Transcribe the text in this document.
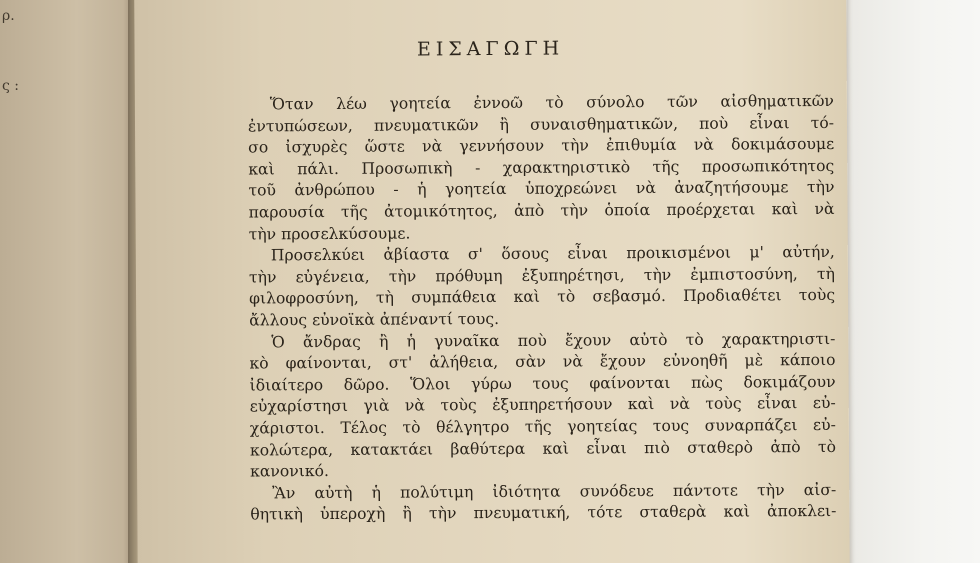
ρ.
ς :
ΕΙΣΑΓΩΓΗ
Ὅταν λέω γοητεία ἐννοῶ τὸ σύνολο τῶν αἰσθηματικῶν
ἐντυπώσεων, πνευματικῶν ἢ συναισθηματικῶν, ποὺ εἶναι τό-
σο ἰσχυρὲς ὥστε νὰ γεννήσουν τὴν ἐπιθυμία νὰ δοκιμάσουμε
καὶ πάλι. Προσωπικὴ - χαρακτηριστικὸ τῆς προσωπικότητος
τοῦ ἀνθρώπου - ἡ γοητεία ὑποχρεώνει νὰ ἀναζητήσουμε τὴν
παρουσία τῆς ἀτομικότητος, ἀπὸ τὴν ὁποία προέρχεται καὶ νὰ
τὴν προσελκύσουμε.
Προσελκύει ἀβίαστα σ' ὅσους εἶναι προικισμένοι μ' αὐτήν,
τὴν εὐγένεια, τὴν πρόθυμη ἐξυπηρέτησι, τὴν ἐμπιστοσύνη, τὴ
φιλοφροσύνη, τὴ συμπάθεια καὶ τὸ σεβασμό. Προδιαθέτει τοὺς
ἄλλους εὐνοϊκὰ ἀπέναντί τους.
Ὁ ἄνδρας ἢ ἡ γυναῖκα ποὺ ἔχουν αὐτὸ τὸ χαρακτηριστι-
κὸ φαίνονται, στ' ἀλήθεια, σὰν νὰ ἔχουν εὐνοηθῆ μὲ κάποιο
ἰδιαίτερο δῶρο. Ὅλοι γύρω τους φαίνονται πὼς δοκιμάζουν
εὐχαρίστησι γιὰ νὰ τοὺς ἐξυπηρετήσουν καὶ νὰ τοὺς εἶναι εὐ-
χάριστοι. Τέλος τὸ θέλγητρο τῆς γοητείας τους συναρπάζει εὐ-
κολώτερα, κατακτάει βαθύτερα καὶ εἶναι πιὸ σταθερὸ ἀπὸ τὸ
κανονικό.
Ἂν αὐτὴ ἡ πολύτιμη ἰδιότητα συνόδευε πάντοτε τὴν αἰσ-
θητικὴ ὑπεροχὴ ἢ τὴν πνευματική, τότε σταθερὰ καὶ ἀποκλει-
